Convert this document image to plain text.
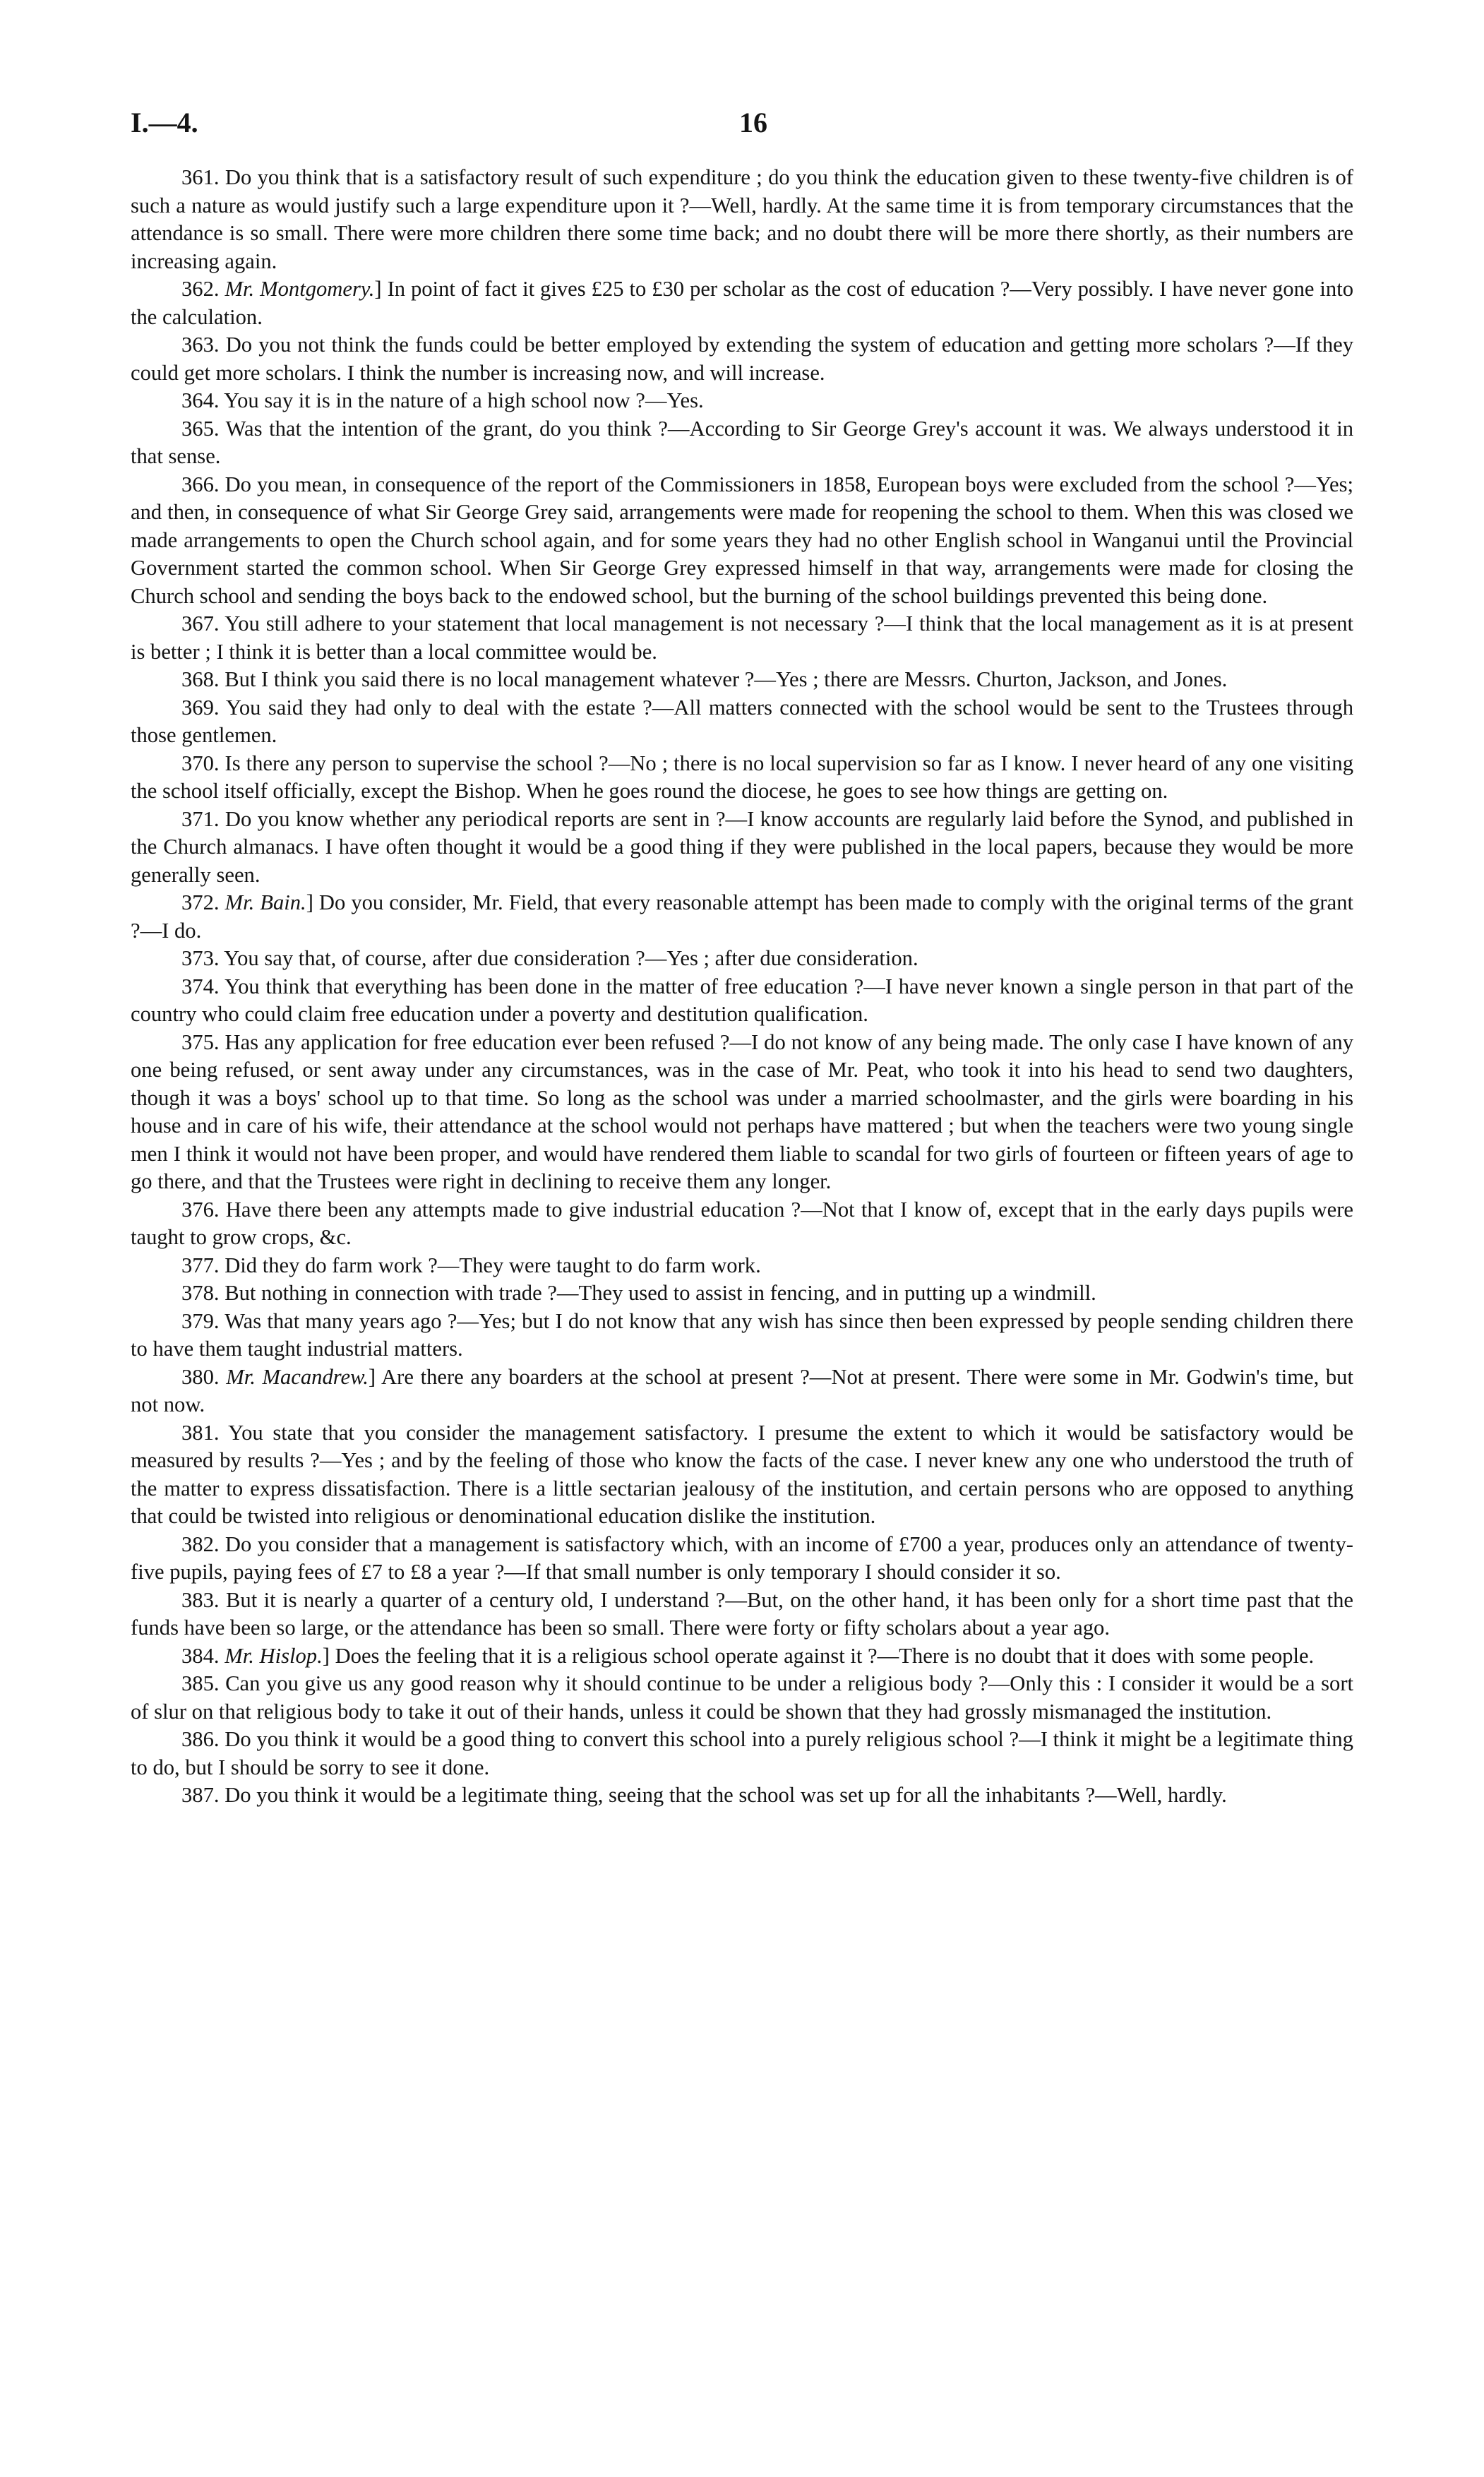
I.—4.	16

361. Do you think that is a satisfactory result of such expenditure ; do you think the education given to these twenty-five children is of such a nature as would justify such a large expenditure upon it ?—Well, hardly. At the same time it is from temporary circumstances that the attendance is so small. There were more children there some time back; and no doubt there will be more there shortly, as their numbers are increasing again.

362. Mr. Montgomery.] In point of fact it gives £25 to £30 per scholar as the cost of education ?—Very possibly. I have never gone into the calculation.

363. Do you not think the funds could be better employed by extending the system of education and getting more scholars ?—If they could get more scholars. I think the number is increasing now, and will increase.

364. You say it is in the nature of a high school now ?—Yes.

365. Was that the intention of the grant, do you think ?—According to Sir George Grey's account it was. We always understood it in that sense.

366. Do you mean, in consequence of the report of the Commissioners in 1858, European boys were excluded from the school ?—Yes; and then, in consequence of what Sir George Grey said, arrangements were made for reopening the school to them. When this was closed we made arrangements to open the Church school again, and for some years they had no other English school in Wanganui until the Provincial Government started the common school. When Sir George Grey expressed himself in that way, arrangements were made for closing the Church school and sending the boys back to the endowed school, but the burning of the school buildings prevented this being done.

367. You still adhere to your statement that local management is not necessary ?—I think that the local management as it is at present is better ; I think it is better than a local committee would be.

368. But I think you said there is no local management whatever ?—Yes ; there are Messrs. Churton, Jackson, and Jones.

369. You said they had only to deal with the estate ?—All matters connected with the school would be sent to the Trustees through those gentlemen.

370. Is there any person to supervise the school ?—No ; there is no local supervision so far as I know. I never heard of any one visiting the school itself officially, except the Bishop. When he goes round the diocese, he goes to see how things are getting on.

371. Do you know whether any periodical reports are sent in ?—I know accounts are regularly laid before the Synod, and published in the Church almanacs. I have often thought it would be a good thing if they were published in the local papers, because they would be more generally seen.

372. Mr. Bain.] Do you consider, Mr. Field, that every reasonable attempt has been made to comply with the original terms of the grant ?—I do.

373. You say that, of course, after due consideration ?—Yes ; after due consideration.

374. You think that everything has been done in the matter of free education ?—I have never known a single person in that part of the country who could claim free education under a poverty and destitution qualification.

375. Has any application for free education ever been refused ?—I do not know of any being made. The only case I have known of any one being refused, or sent away under any circumstances, was in the case of Mr. Peat, who took it into his head to send two daughters, though it was a boys' school up to that time. So long as the school was under a married schoolmaster, and the girls were boarding in his house and in care of his wife, their attendance at the school would not perhaps have mattered ; but when the teachers were two young single men I think it would not have been proper, and would have rendered them liable to scandal for two girls of fourteen or fifteen years of age to go there, and that the Trustees were right in declining to receive them any longer.

376. Have there been any attempts made to give industrial education ?—Not that I know of, except that in the early days pupils were taught to grow crops, &c.

377. Did they do farm work ?—They were taught to do farm work.

378. But nothing in connection with trade ?—They used to assist in fencing, and in putting up a windmill.

379. Was that many years ago ?—Yes; but I do not know that any wish has since then been expressed by people sending children there to have them taught industrial matters.

380. Mr. Macandrew.] Are there any boarders at the school at present ?—Not at present. There were some in Mr. Godwin's time, but not now.

381. You state that you consider the management satisfactory. I presume the extent to which it would be satisfactory would be measured by results ?—Yes ; and by the feeling of those who know the facts of the case. I never knew any one who understood the truth of the matter to express dissatisfaction. There is a little sectarian jealousy of the institution, and certain persons who are opposed to anything that could be twisted into religious or denominational education dislike the institution.

382. Do you consider that a management is satisfactory which, with an income of £700 a year, produces only an attendance of twenty-five pupils, paying fees of £7 to £8 a year ?—If that small number is only temporary I should consider it so.

383. But it is nearly a quarter of a century old, I understand ?—But, on the other hand, it has been only for a short time past that the funds have been so large, or the attendance has been so small. There were forty or fifty scholars about a year ago.

384. Mr. Hislop.] Does the feeling that it is a religious school operate against it ?—There is no doubt that it does with some people.

385. Can you give us any good reason why it should continue to be under a religious body ?—Only this : I consider it would be a sort of slur on that religious body to take it out of their hands, unless it could be shown that they had grossly mismanaged the institution.

386. Do you think it would be a good thing to convert this school into a purely religious school ?—I think it might be a legitimate thing to do, but I should be sorry to see it done.

387. Do you think it would be a legitimate thing, seeing that the school was set up for all the inhabitants ?—Well, hardly.
